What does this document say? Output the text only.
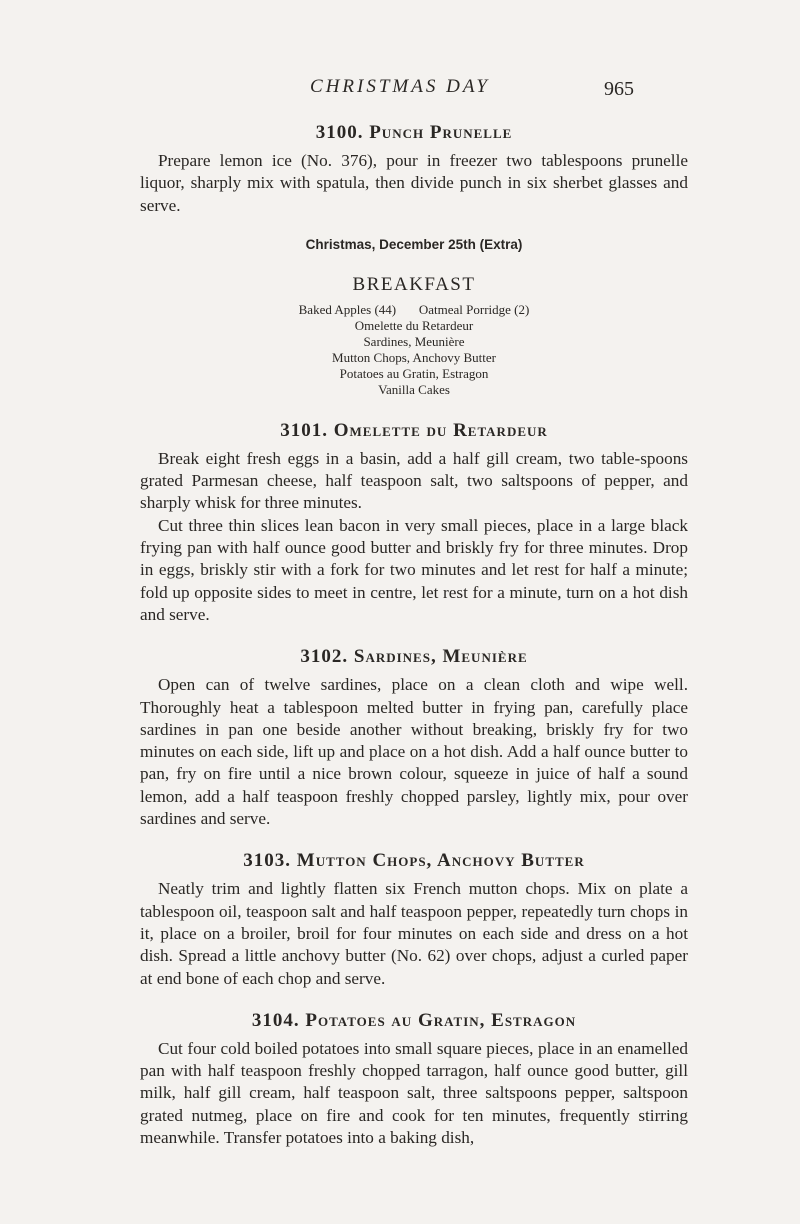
CHRISTMAS DAY	965
3100. Punch Prunelle

Prepare lemon ice (No. 376), pour in freezer two tablespoons prunelle liquor, sharply mix with spatula, then divide punch in six sherbet glasses and serve.

Christmas, December 25th (Extra)

BREAKFAST

Baked Apples (44) Oatmeal Porridge (2)
Omelette du Retardeur
Sardines, Meunière
Mutton Chops, Anchovy Butter
Potatoes au Gratin, Estragon
Vanilla Cakes
3101. Omelette du Retardeur

Break eight fresh eggs in a basin, add a half gill cream, two table-spoons grated Parmesan cheese, half teaspoon salt, two saltspoons of pepper, and sharply whisk for three minutes.

Cut three thin slices lean bacon in very small pieces, place in a large black frying pan with half ounce good butter and briskly fry for three minutes. Drop in eggs, briskly stir with a fork for two minutes and let rest for half a minute; fold up opposite sides to meet in centre, let rest for a minute, turn on a hot dish and serve.

3102. Sardines, Meunière

Open can of twelve sardines, place on a clean cloth and wipe well. Thoroughly heat a tablespoon melted butter in frying pan, carefully place sardines in pan one beside another without breaking, briskly fry for two minutes on each side, lift up and place on a hot dish. Add a half ounce butter to pan, fry on fire until a nice brown colour, squeeze in juice of half a sound lemon, add a half teaspoon freshly chopped parsley, lightly mix, pour over sardines and serve.

3103. Mutton Chops, Anchovy Butter

Neatly trim and lightly flatten six French mutton chops. Mix on plate a tablespoon oil, teaspoon salt and half teaspoon pepper, repeatedly turn chops in it, place on a broiler, broil for four minutes on each side and dress on a hot dish. Spread a little anchovy butter (No. 62) over chops, adjust a curled paper at end bone of each chop and serve.

3104. Potatoes au Gratin, Estragon

Cut four cold boiled potatoes into small square pieces, place in an enamelled pan with half teaspoon freshly chopped tarragon, half ounce good butter, gill milk, half gill cream, half teaspoon salt, three saltspoons pepper, saltspoon grated nutmeg, place on fire and cook for ten minutes, frequently stirring meanwhile. Transfer potatoes into a baking dish,
